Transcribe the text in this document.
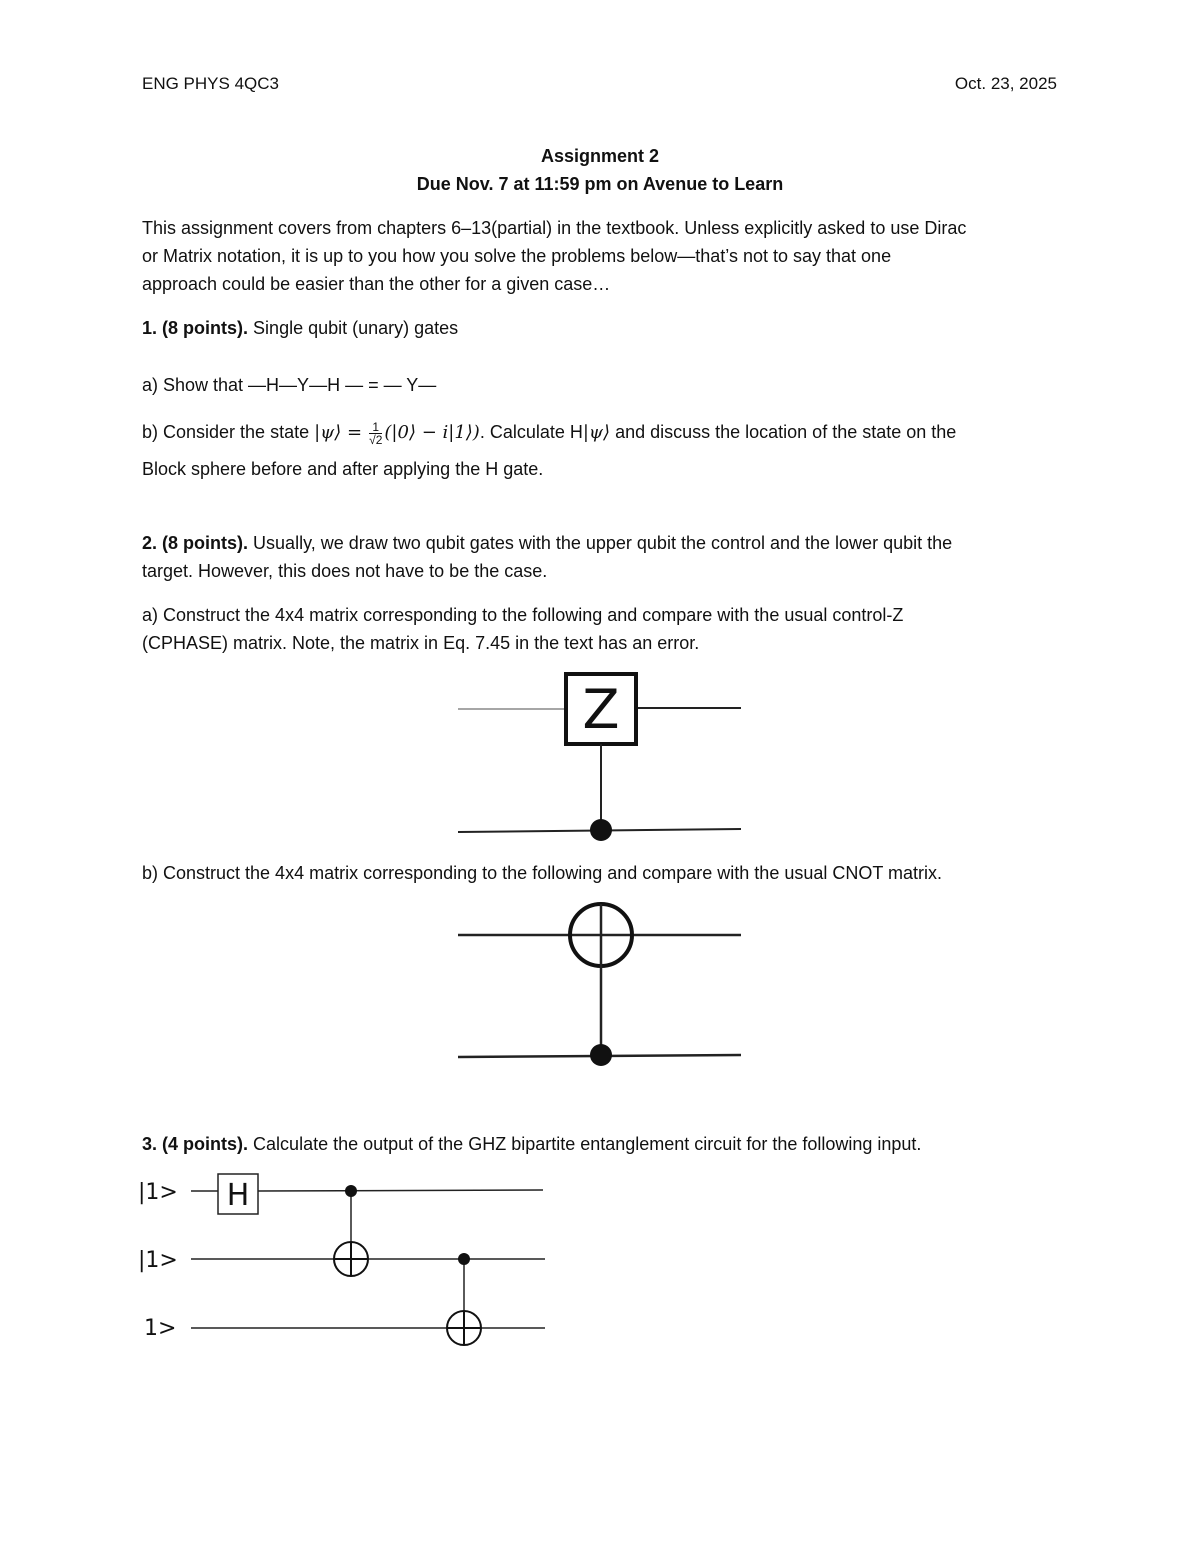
ENG PHYS 4QC3	Oct. 23, 2025
Assignment 2
Due Nov. 7 at 11:59 pm on Avenue to Learn
This assignment covers from chapters 6–13(partial) in the textbook. Unless explicitly asked to use Dirac
or Matrix notation, it is up to you how you solve the problems below—that’s not to say that one
approach could be easier than the other for a given case…
1. (8 points). Single qubit (unary) gates
a) Show that —H—Y—H — = — Y—
b) Consider the state |ψ⟩ = $\frac{1}{√2}$ (|0⟩ − i|1⟩). Calculate H|ψ⟩ and discuss the location of the state on the
Block sphere before and after applying the H gate.
2. (8 points). Usually, we draw two qubit gates with the upper qubit the control and the lower qubit the
target. However, this does not have to be the case.
a) Construct the 4x4 matrix corresponding to the following and compare with the usual control-Z
(CPHASE) matrix. Note, the matrix in Eq. 7.45 in the text has an error.
Z
b) Construct the 4x4 matrix corresponding to the following and compare with the usual CNOT matrix.
3. (4 points). Calculate the output of the GHZ bipartite entanglement circuit for the following input.
|1>
|1>
1>
H
